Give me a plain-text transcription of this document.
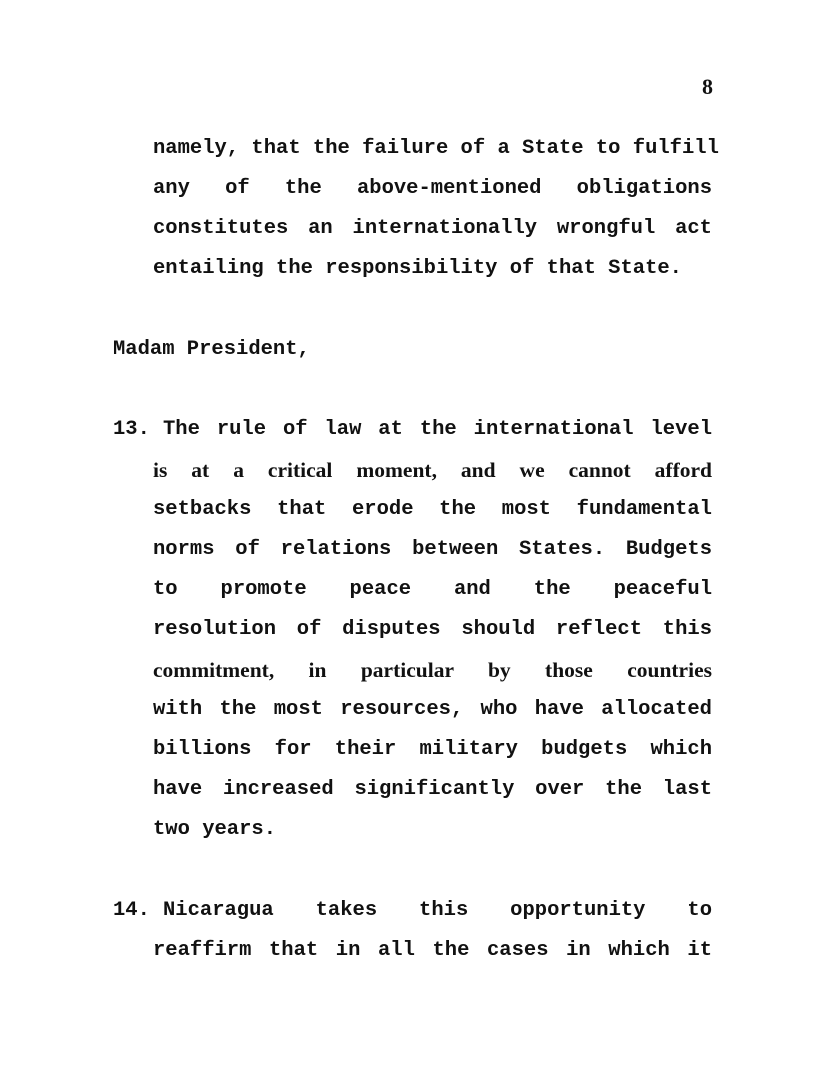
8
namely, that the failure of a State to fulfill
any of the above-mentioned obligations
constitutes an internationally wrongful act
entailing the responsibility of that State.
Madam President,
13. The rule of law at the international level
is at a critical moment, and we cannot afford
setbacks that erode the most fundamental
norms of relations between States. Budgets
to promote peace and the peaceful
resolution of disputes should reflect this
commitment, in particular by those countries
with the most resources, who have allocated
billions for their military budgets which
have increased significantly over the last
two years.
14. Nicaragua takes this opportunity to
reaffirm that in all the cases in which it
